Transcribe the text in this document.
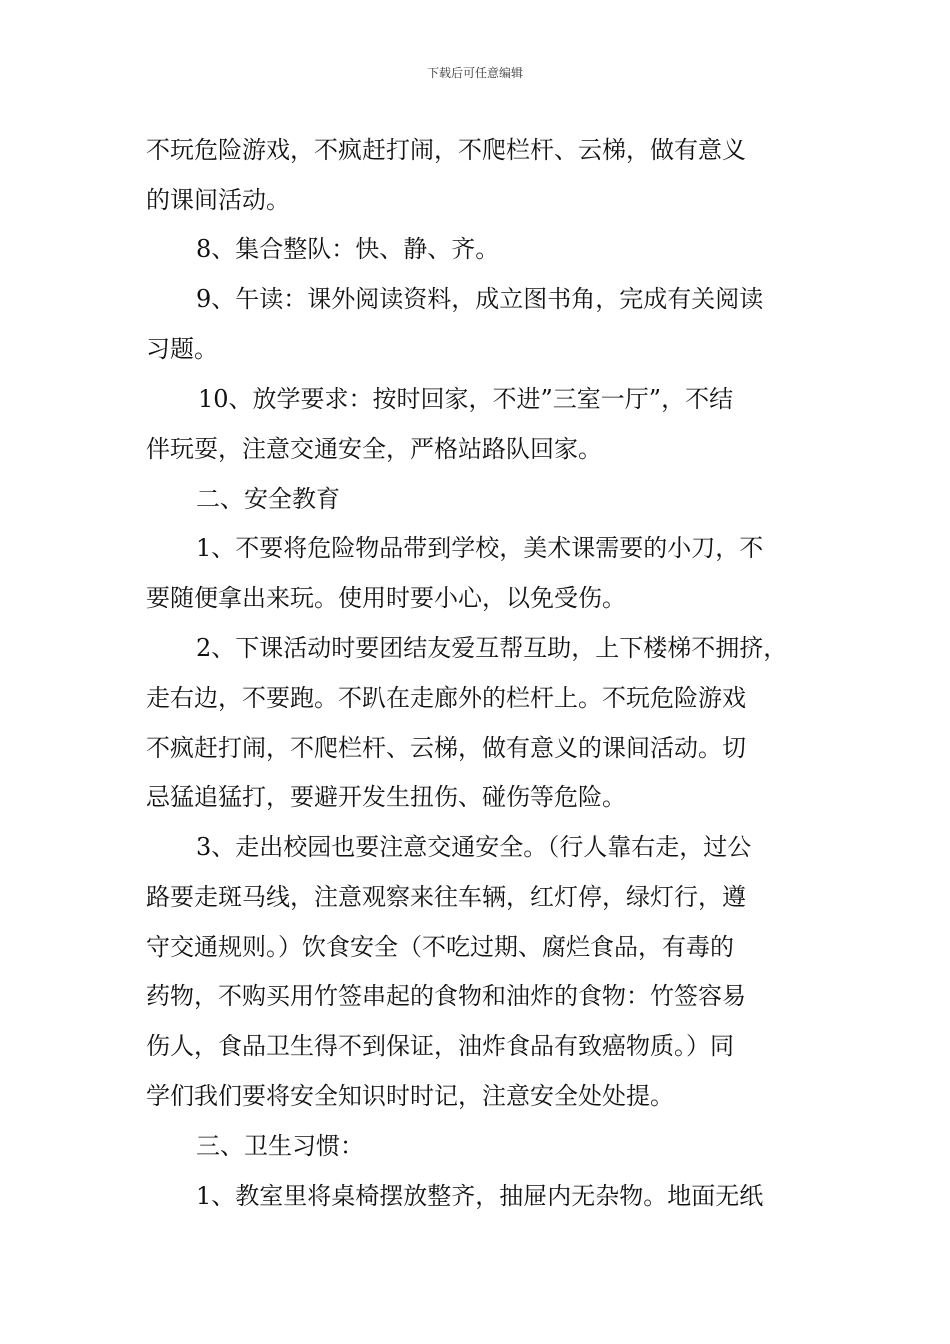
下载后可任意编辑
不玩危险游戏，不疯赶打闹，不爬栏杆、云梯，做有意义
的课间活动。
8、集合整队：快、静、齐。
9、午读：课外阅读资料，成立图书角，完成有关阅读
习题。
10、放学要求：按时回家，不进”三室一厅”，不结
伴玩耍，注意交通安全，严格站路队回家。
二、安全教育
1、不要将危险物品带到学校，美术课需要的小刀，不
要随便拿出来玩。使用时要小心，以免受伤。
2、下课活动时要团结友爱互帮互助，上下楼梯不拥挤，
走右边，不要跑。不趴在走廊外的栏杆上。不玩危险游戏
不疯赶打闹，不爬栏杆、云梯，做有意义的课间活动。切
忌猛追猛打，要避开发生扭伤、碰伤等危险。
3、走出校园也要注意交通安全。（行人靠右走，过公
路要走斑马线，注意观察来往车辆，红灯停，绿灯行，遵
守交通规则。）饮食安全（不吃过期、腐烂食品，有毒的
药物，不购买用竹签串起的食物和油炸的食物：竹签容易
伤人，食品卫生得不到保证，油炸食品有致癌物质。）同
学们我们要将安全知识时时记，注意安全处处提。
三、卫生习惯：
1、教室里将桌椅摆放整齐，抽屉内无杂物。地面无纸
